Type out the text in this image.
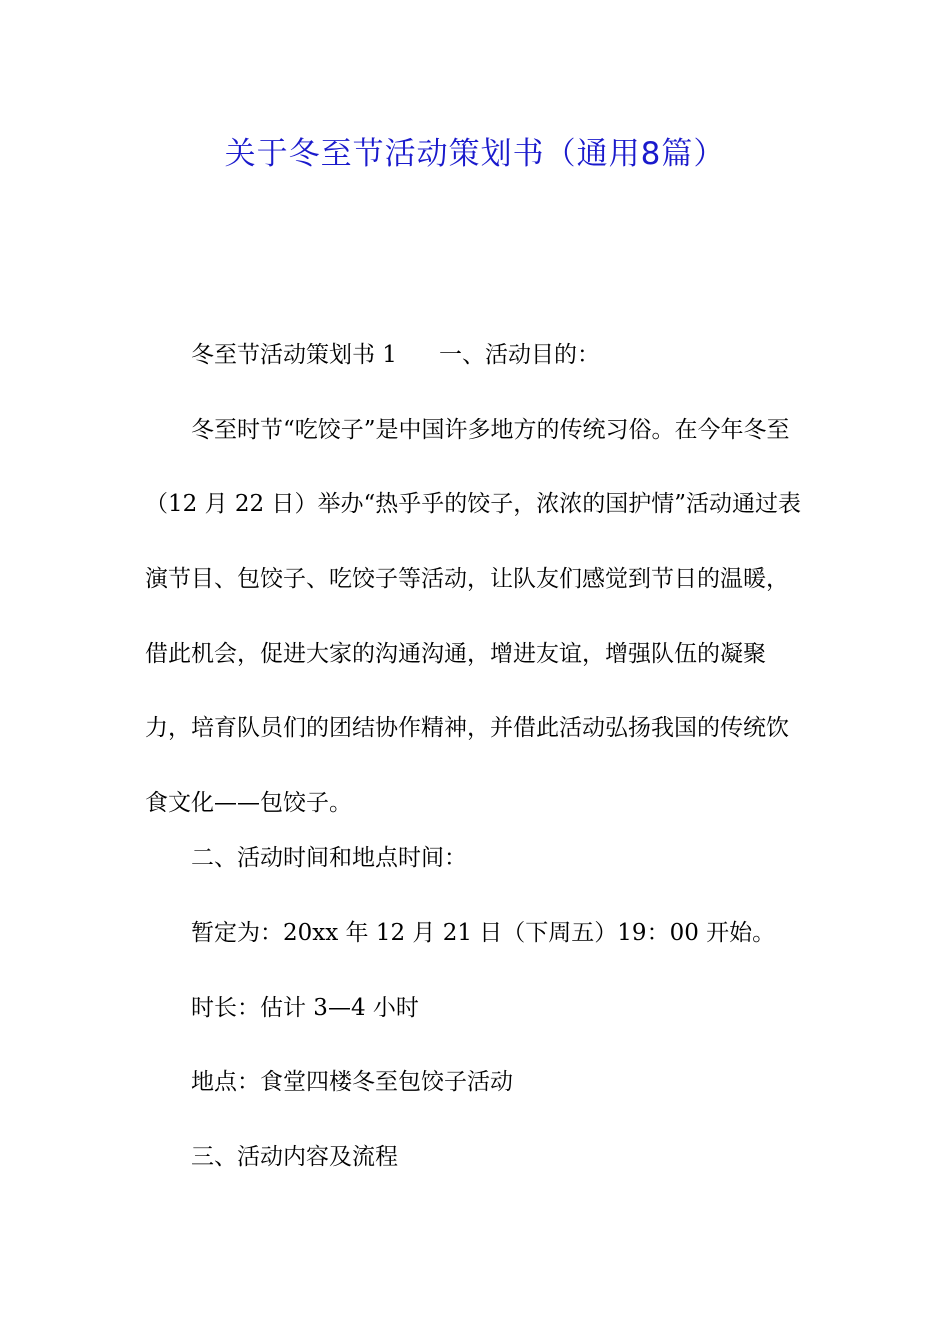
关于冬至节活动策划书（通用8篇）

冬至节活动策划书 1 一、活动目的：

冬至时节“吃饺子”是中国许多地方的传统习俗。在今年冬至（12 月 22 日）举办“热乎乎的饺子，浓浓的国护情”活动通过表演节目、包饺子、吃饺子等活动，让队友们感觉到节日的温暖，借此机会，促进大家的沟通沟通，增进友谊，增强队伍的凝聚力，培育队员们的团结协作精神，并借此活动弘扬我国的传统饮食文化——包饺子。

二、活动时间和地点时间：

暂定为：20xx 年 12 月 21 日（下周五）19：00 开始。

时长：估计 3—4 小时

地点：食堂四楼冬至包饺子活动

三、活动内容及流程
